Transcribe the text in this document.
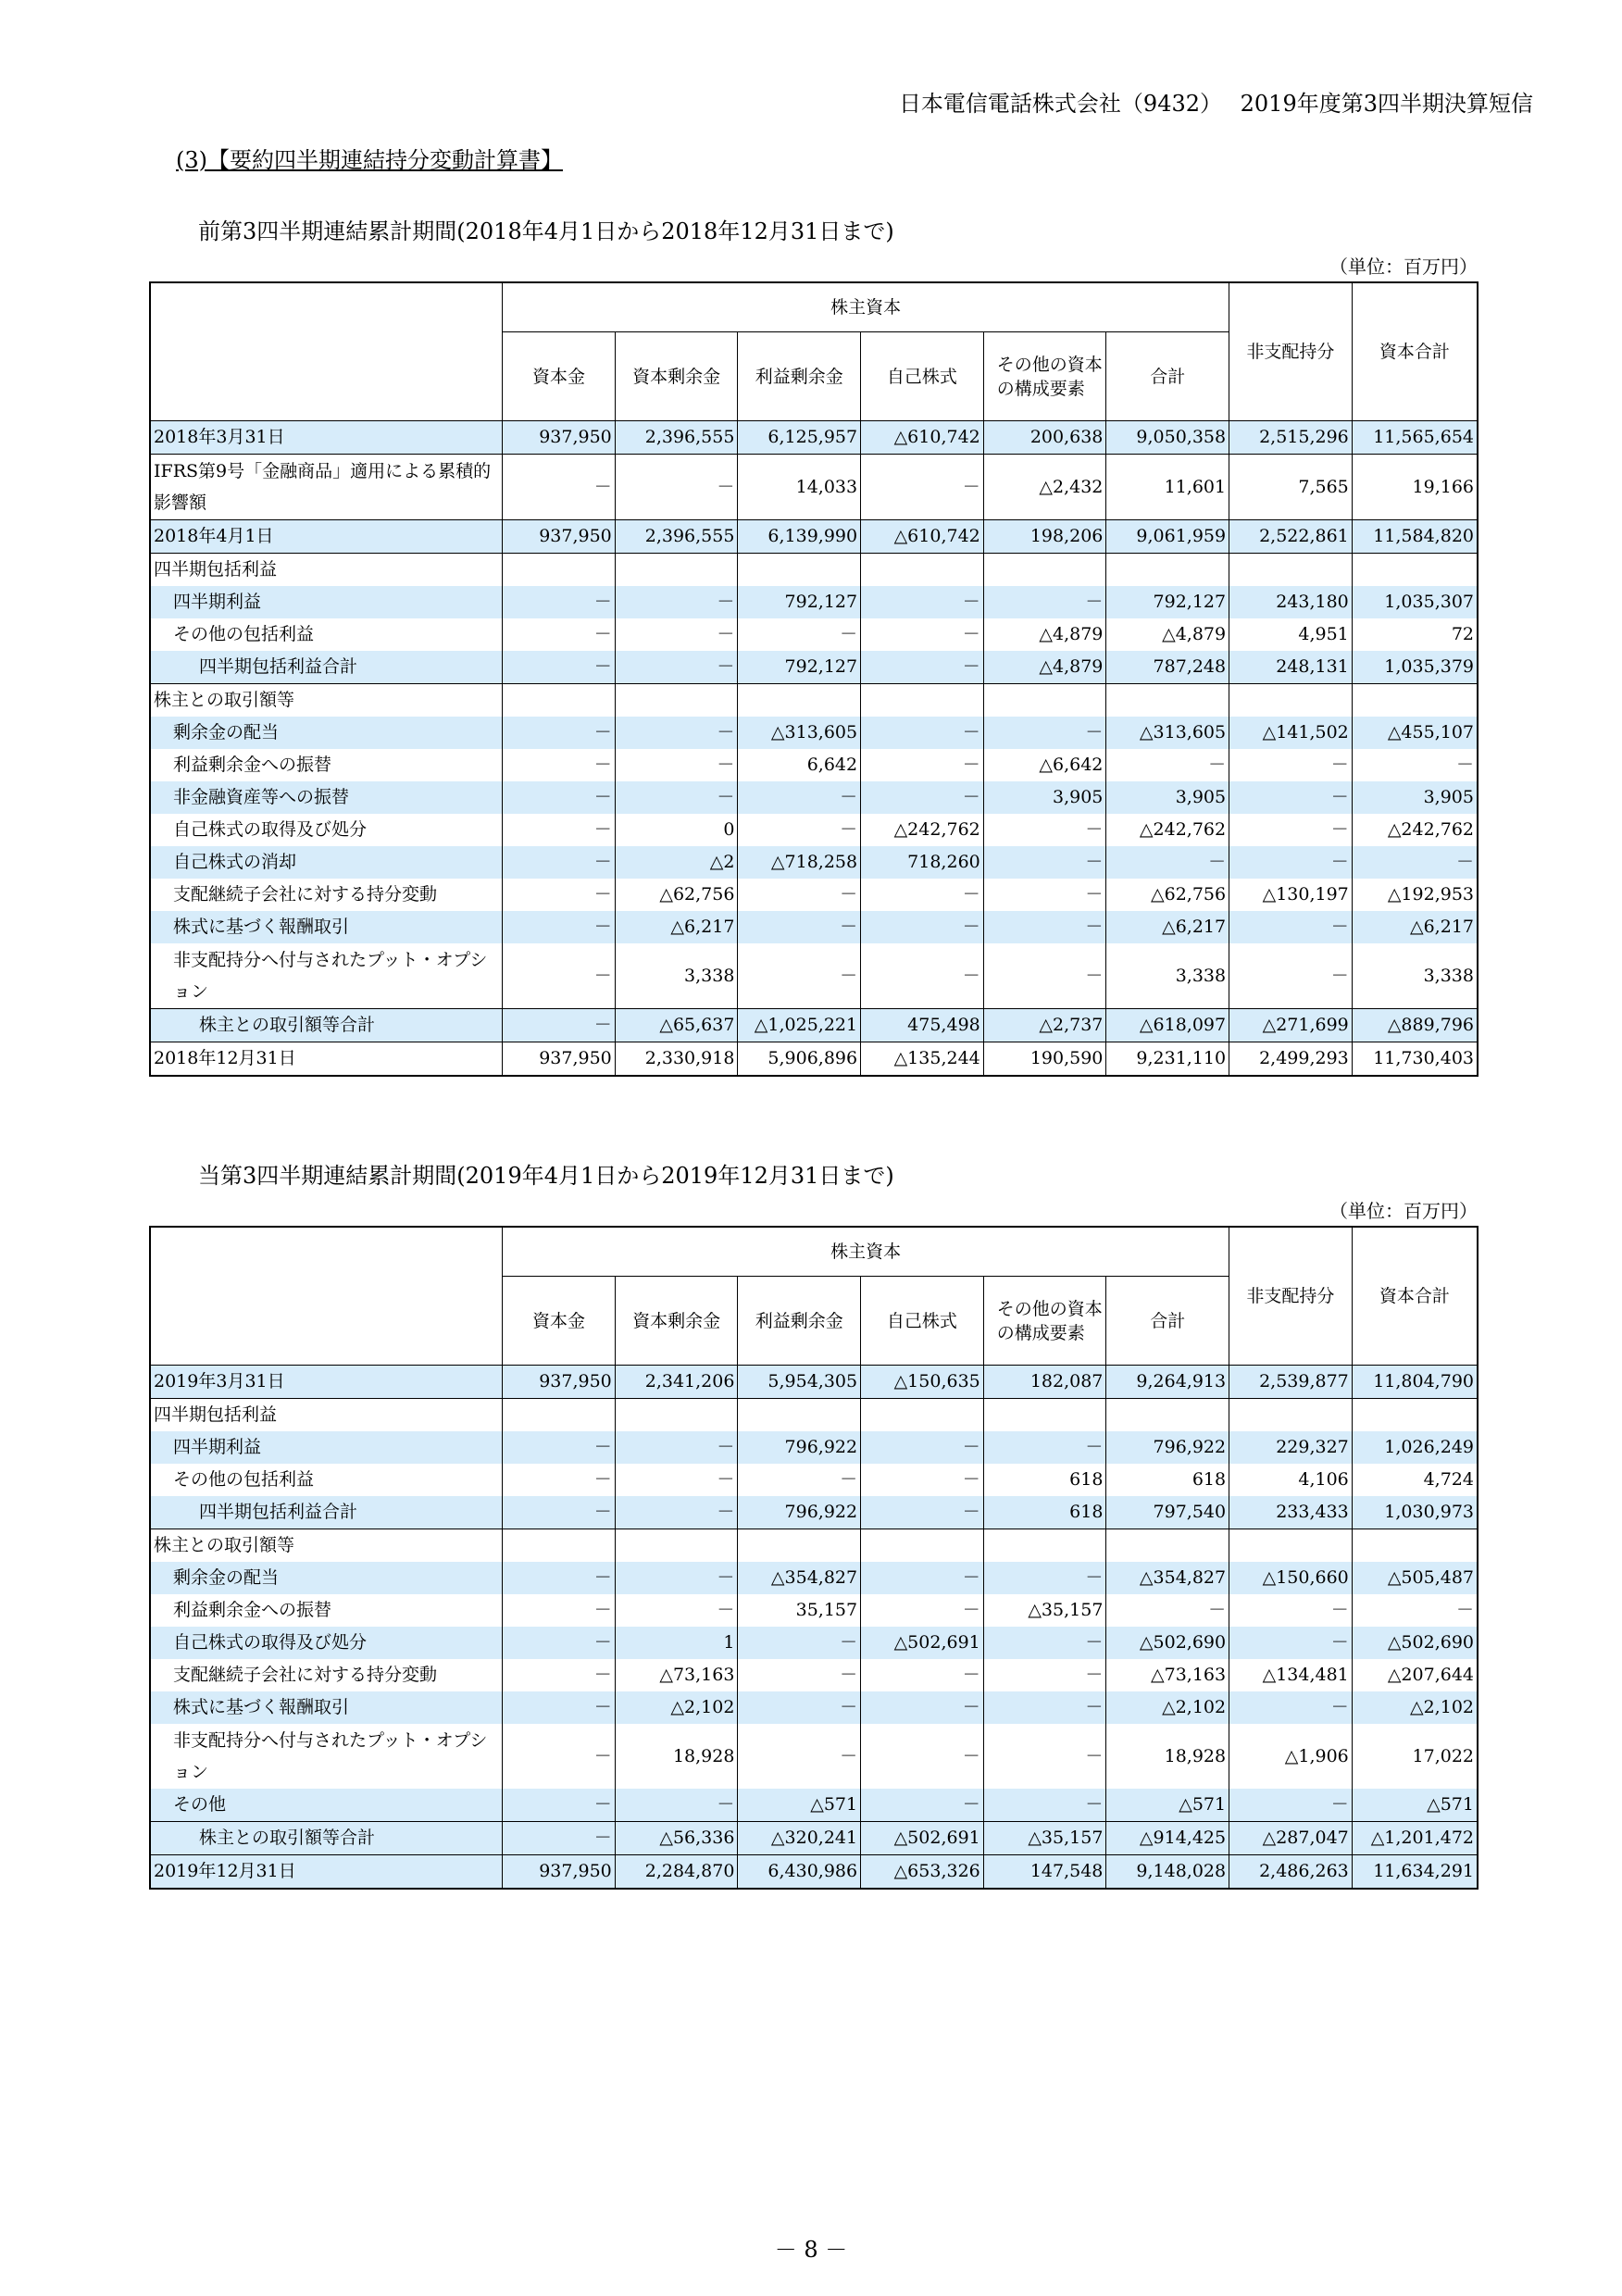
日本電信電話株式会社（9432）　 2019年度第3四半期決算短信
(3)【要約四半期連結持分変動計算書】
前第3四半期連結累計期間(2018年4月1日から2018年12月31日まで)
（単位：百万円）
	株主資本						非支配持分	資本合計
	資本金	資本剰余金	利益剰余金	自己株式	その他の資本の構成要素	合計		
2018年3月31日	937,950	2,396,555	6,125,957	△610,742	200,638	9,050,358	2,515,296	11,565,654

IFRS第9号「金融商品」適用による累積的影響額	－	－	14,033	－	△2,432	11,601	7,565	19,166
2018年4月1日	937,950	2,396,555	6,139,990	△610,742	198,206	9,061,959	2,522,861	11,584,820
四半期包括利益								
四半期利益	－	－	792,127	－	－	792,127	243,180	1,035,307
その他の包括利益	－	－	－	－	△4,879	△4,879	4,951	72
四半期包括利益合計	－	－	792,127	－	△4,879	787,248	248,131	1,035,379
株主との取引額等								
剰余金の配当	－	－	△313,605	－	－	△313,605	△141,502	△455,107
利益剰余金への振替	－	－	6,642	－	△6,642	－	－	－
非金融資産等への振替	－	－	－	－	3,905	3,905	－	3,905
自己株式の取得及び処分	－	0	－	△242,762	－	△242,762	－	△242,762
自己株式の消却	－	△2	△718,258	718,260	－	－	－	－
支配継続子会社に対する持分変動	－	△62,756	－	－	－	△62,756	△130,197	△192,953
株式に基づく報酬取引	－	△6,217	－	－	－	△6,217	－	△6,217

非支配持分へ付与されたプット・オプション	－	3,338	－	－	－	3,338	－	3,338
株主との取引額等合計	－	△65,637	△1,025,221	475,498	△2,737	△618,097	△271,699	△889,796
2018年12月31日	937,950	2,330,918	5,906,896	△135,244	190,590	9,231,110	2,499,293	11,730,403
当第3四半期連結累計期間(2019年4月1日から2019年12月31日まで)
（単位：百万円）
	株主資本						非支配持分	資本合計
	資本金	資本剰余金	利益剰余金	自己株式	その他の資本の構成要素	合計		
2019年3月31日	937,950	2,341,206	5,954,305	△150,635	182,087	9,264,913	2,539,877	11,804,790
四半期包括利益								
四半期利益	－	－	796,922	－	－	796,922	229,327	1,026,249
その他の包括利益	－	－	－	－	618	618	4,106	4,724
四半期包括利益合計	－	－	796,922	－	618	797,540	233,433	1,030,973
株主との取引額等								
剰余金の配当	－	－	△354,827	－	－	△354,827	△150,660	△505,487
利益剰余金への振替	－	－	35,157	－	△35,157	－	－	－
自己株式の取得及び処分	－	1	－	△502,691	－	△502,690	－	△502,690
支配継続子会社に対する持分変動	－	△73,163	－	－	－	△73,163	△134,481	△207,644
株式に基づく報酬取引	－	△2,102	－	－	－	△2,102	－	△2,102

非支配持分へ付与されたプット・オプション	－	18,928	－	－	－	18,928	△1,906	17,022
その他	－	－	△571	－	－	△571	－	△571
株主との取引額等合計	－	△56,336	△320,241	△502,691	△35,157	△914,425	△287,047	△1,201,472
2019年12月31日	937,950	2,284,870	6,430,986	△653,326	147,548	9,148,028	2,486,263	11,634,291
－ 8 －
